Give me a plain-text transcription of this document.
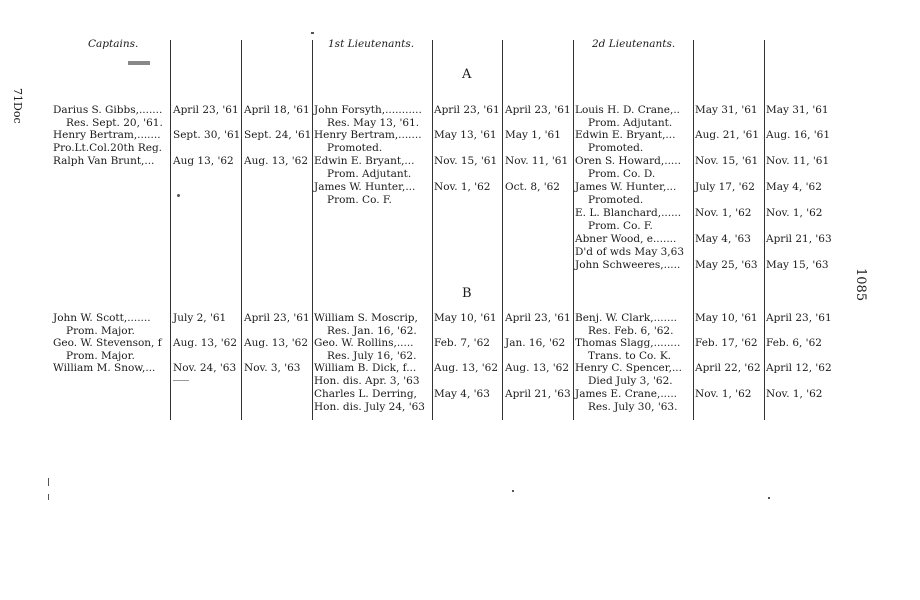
Captains.	1st Lieutenants.	2d Lieutenants.
71Doc
1085
A
Darius S. Gibbs,.......
Res. Sept. 20, '61.
April 23, '61 April 18, '61
Henry Bertram,.......
Pro.Lt.Col.20th Reg.
Sept. 30, '61 Sept. 24, '61
Ralph Van Brunt,... Aug 13, '62 Aug. 13, '62
John Forsyth,...........
Res. May 13, '61.
April 23, '61 April 23, '61
Henry Bertram,.......
Promoted.
May 13, '61 May 1, '61
Edwin E. Bryant,...
Prom. Adjutant.
Nov. 15, '61 Nov. 11, '61
James W. Hunter,...
Prom. Co. F.
Nov. 1, '62 Oct. 8, '62
Louis H. D. Crane,..
Prom. Adjutant.
May 31, '61 May 31, '61
Edwin E. Bryant,...
Promoted.
Aug. 21, '61 Aug. 16, '61
Oren S. Howard,.....
Prom. Co. D.
Nov. 15, '61 Nov. 11, '61
James W. Hunter,...
Promoted.
July 17, '62 May 4, '62
E. L. Blanchard,......
Prom. Co. F.
Nov. 1, '62 Nov. 1, '62
Abner Wood, e.......
D'd of wds May 3,63
May 4, '63 April 21, '63
John Schweeres,..... May 25, '63 May 15, '63
B
John W. Scott,.......
Prom. Major.
July 2, '61 April 23, '61
Geo. W. Stevenson, f
Prom. Major.
Aug. 13, '62 Aug. 13, '62
William M. Snow,... Nov. 24, '63 Nov. 3, '63
William S. Moscrip,
Res. Jan. 16, '62.
May 10, '61 April 23, '61
Geo. W. Rollins,.....
Res. July 16, '62.
Feb. 7, '62 Jan. 16, '62
William B. Dick, f...
Hon. dis. Apr. 3, '63
Aug. 13, '62 Aug. 13, '62
Charles L. Derring,
Hon. dis. July 24, '63
May 4, '63 April 21, '63
Benj. W. Clark,.......
Res. Feb. 6, '62.
May 10, '61 April 23, '61
Thomas Slagg,........
Trans. to Co. K.
Feb. 17, '62 Feb. 6, '62
Henry C. Spencer,...
Died July 3, '62.
April 22, '62 April 12, '62
James E. Crane,.....
Res. July 30, '63.
Nov. 1, '62 Nov. 1, '62
